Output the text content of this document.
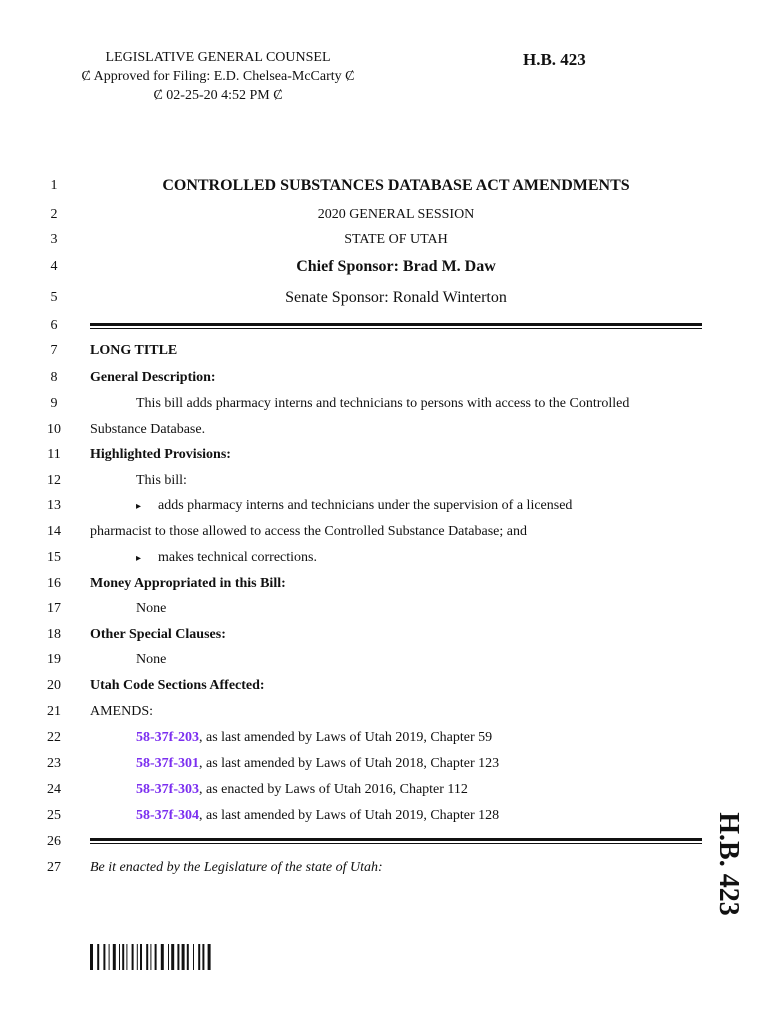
LEGISLATIVE GENERAL COUNSEL
Ȼ Approved for Filing: E.D. Chelsea-McCarty Ȼ
Ȼ 02-25-20 4:52 PM Ȼ
H.B. 423
1
2
3
4
5
6
7
8
9
10
11
12
13
14
15
16
17
18
19
20
21
22
23
24
25
26
27
CONTROLLED SUBSTANCES DATABASE ACT AMENDMENTS
2020 GENERAL SESSION
STATE OF UTAH
Chief Sponsor: Brad M. Daw
Senate Sponsor: Ronald Winterton
LONG TITLE
General Description:
This bill adds pharmacy interns and technicians to persons with access to the Controlled
Substance Database.
Highlighted Provisions:
This bill:
▸ adds pharmacy interns and technicians under the supervision of a licensed
pharmacist to those allowed to access the Controlled Substance Database; and
▸ makes technical corrections.
Money Appropriated in this Bill:
None
Other Special Clauses:
None
Utah Code Sections Affected:
AMENDS:
58-37f-203, as last amended by Laws of Utah 2019, Chapter 59
58-37f-301, as last amended by Laws of Utah 2018, Chapter 123
58-37f-303, as enacted by Laws of Utah 2016, Chapter 112
58-37f-304, as last amended by Laws of Utah 2019, Chapter 128
Be it enacted by the Legislature of the state of Utah:	H.B. 423
